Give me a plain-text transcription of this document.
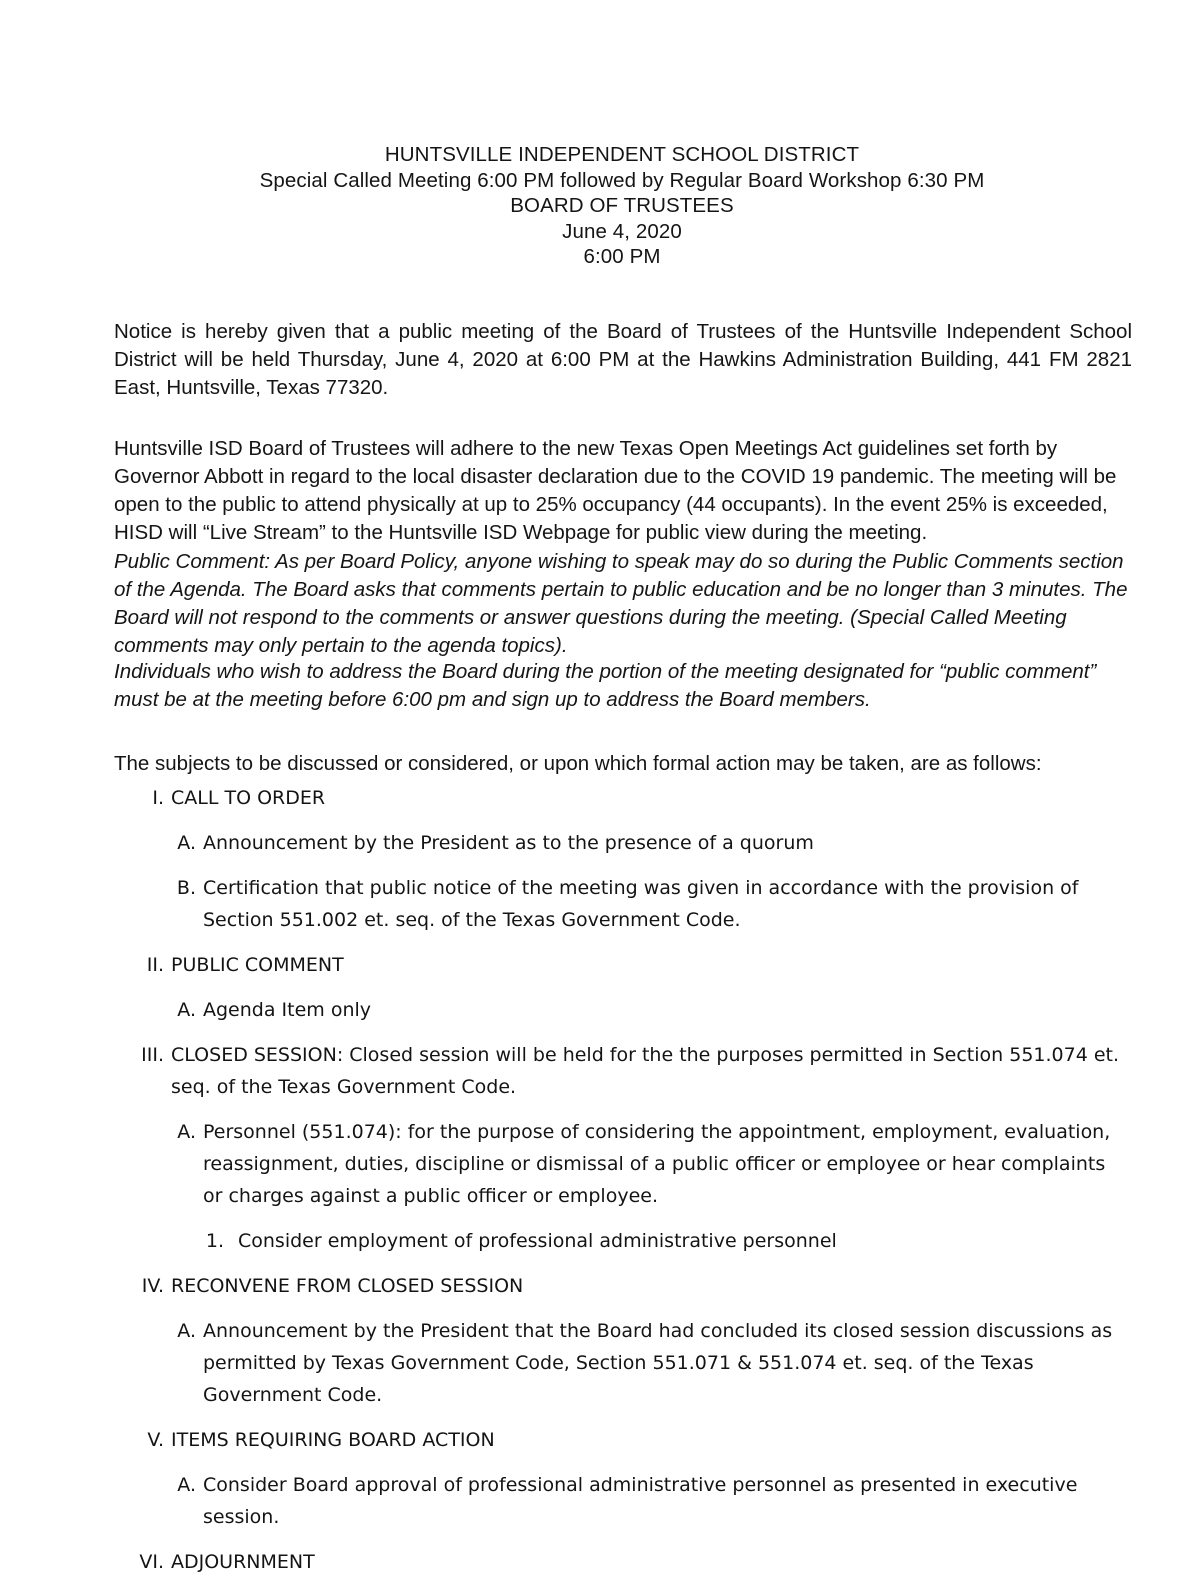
HUNTSVILLE INDEPENDENT SCHOOL DISTRICT
Special Called Meeting 6:00 PM followed by Regular Board Workshop 6:30 PM
BOARD OF TRUSTEES
June 4, 2020
6:00 PM

Notice is hereby given that a public meeting of the Board of Trustees of the Huntsville Independent School District will be held Thursday, June 4, 2020 at 6:00 PM at the Hawkins Administration Building, 441 FM 2821 East, Huntsville, Texas 77320.

Huntsville ISD Board of Trustees will adhere to the new Texas Open Meetings Act guidelines set forth by Governor Abbott in regard to the local disaster declaration due to the COVID 19 pandemic. The meeting will be open to the public to attend physically at up to 25% occupancy (44 occupants). In the event 25% is exceeded, HISD will “Live Stream” to the Huntsville ISD Webpage for public view during the meeting.

Public Comment: As per Board Policy, anyone wishing to speak may do so during the Public Comments section of the Agenda. The Board asks that comments pertain to public education and be no longer than 3 minutes. The Board will not respond to the comments or answer questions during the meeting. (Special Called Meeting comments may only pertain to the agenda topics).

Individuals who wish to address the Board during the portion of the meeting designated for “public comment” must be at the meeting before 6:00 pm and sign up to address the Board members.

The subjects to be discussed or considered, or upon which formal action may be taken, are as follows:

I. CALL TO ORDER
A. Announcement by the President as to the presence of a quorum
B. Certification that public notice of the meeting was given in accordance with the provision of Section 551.002 et. seq. of the Texas Government Code.
II. PUBLIC COMMENT
A. Agenda Item only
III. CLOSED SESSION: Closed session will be held for the the purposes permitted in Section 551.074 et. seq. of the Texas Government Code.
A. Personnel (551.074): for the purpose of considering the appointment, employment, evaluation, reassignment, duties, discipline or dismissal of a public officer or employee or hear complaints or charges against a public officer or employee.
1. Consider employment of professional administrative personnel
IV. RECONVENE FROM CLOSED SESSION
A. Announcement by the President that the Board had concluded its closed session discussions as permitted by Texas Government Code, Section 551.071 & 551.074 et. seq. of the Texas Government Code.
V. ITEMS REQUIRING BOARD ACTION
A. Consider Board approval of professional administrative personnel as presented in executive session.
VI. ADJOURNMENT
